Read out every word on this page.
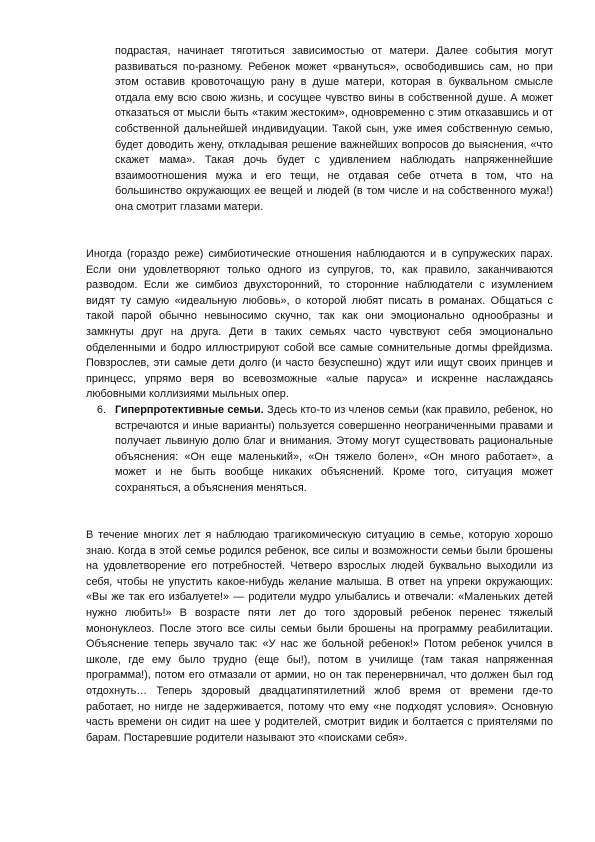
подрастая, начинает тяготиться зависимостью от матери. Далее события могут развиваться по-разному. Ребенок может «рвануться», освободившись сам, но при этом оставив кровоточащую рану в душе матери, которая в буквальном смысле отдала ему всю свою жизнь, и сосущее чувство вины в собственной душе. А может отказаться от мысли быть «таким жестоким», одновременно с этим отказавшись и от собственной дальнейшей индивидуации. Такой сын, уже имея собственную семью, будет доводить жену, откладывая решение важнейших вопросов до выяснения, «что скажет мама». Такая дочь будет с удивлением наблюдать напряженнейшие взаимоотношения мужа и его тещи, не отдавая себе отчета в том, что на большинство окружающих ее вещей и людей (в том числе и на собственного мужа!) она смотрит глазами матери.

Иногда (гораздо реже) симбиотические отношения наблюдаются и в супружеских парах. Если они удовлетворяют только одного из супругов, то, как правило, заканчиваются разводом. Если же симбиоз двухсторонний, то сторонние наблюдатели с изумлением видят ту самую «идеальную любовь», о которой любят писать в романах. Общаться с такой парой обычно невыносимо скучно, так как они эмоционально однообразны и замкнуты друг на друга. Дети в таких семьях часто чувствуют себя эмоционально обделенными и бодро иллюстрируют собой все самые сомнительные догмы фрейдизма. Повзрослев, эти самые дети долго (и часто безуспешно) ждут или ищут своих принцев и принцесс, упрямо веря во всевозможные «алые паруса» и искренне наслаждаясь любовными коллизиями мыльных опер.

6. Гиперпротективные семьи. Здесь кто-то из членов семьи (как правило, ребенок, но встречаются и иные варианты) пользуется совершенно неограниченными правами и получает львиную долю благ и внимания. Этому могут существовать рациональные объяснения: «Он еще маленький», «Он тяжело болен», «Он много работает», а может и не быть вообще никаких объяснений. Кроме того, ситуация может сохраняться, а объяснения меняться.

В течение многих лет я наблюдаю трагикомическую ситуацию в семье, которую хорошо знаю. Когда в этой семье родился ребенок, все силы и возможности семьи были брошены на удовлетворение его потребностей. Четверо взрослых людей буквально выходили из себя, чтобы не упустить какое-нибудь желание малыша. В ответ на упреки окружающих: «Вы же так его избалуете!» — родители мудро улыбались и отвечали: «Маленьких детей нужно любить!» В возрасте пяти лет до того здоровый ребенок перенес тяжелый мононуклеоз. После этого все силы семьи были брошены на программу реабилитации. Объяснение теперь звучало так: «У нас же больной ребенок!» Потом ребенок учился в школе, где ему было трудно (еще бы!), потом в училище (там такая напряженная программа!), потом его отмазали от армии, но он так перенервничал, что должен был год отдохнуть… Теперь здоровый двадцатипятилетний жлоб время от времени где-то работает, но нигде не задерживается, потому что ему «не подходят условия». Основную часть времени он сидит на шее у родителей, смотрит видик и болтается с приятелями по барам. Постаревшие родители называют это «поисками себя».
